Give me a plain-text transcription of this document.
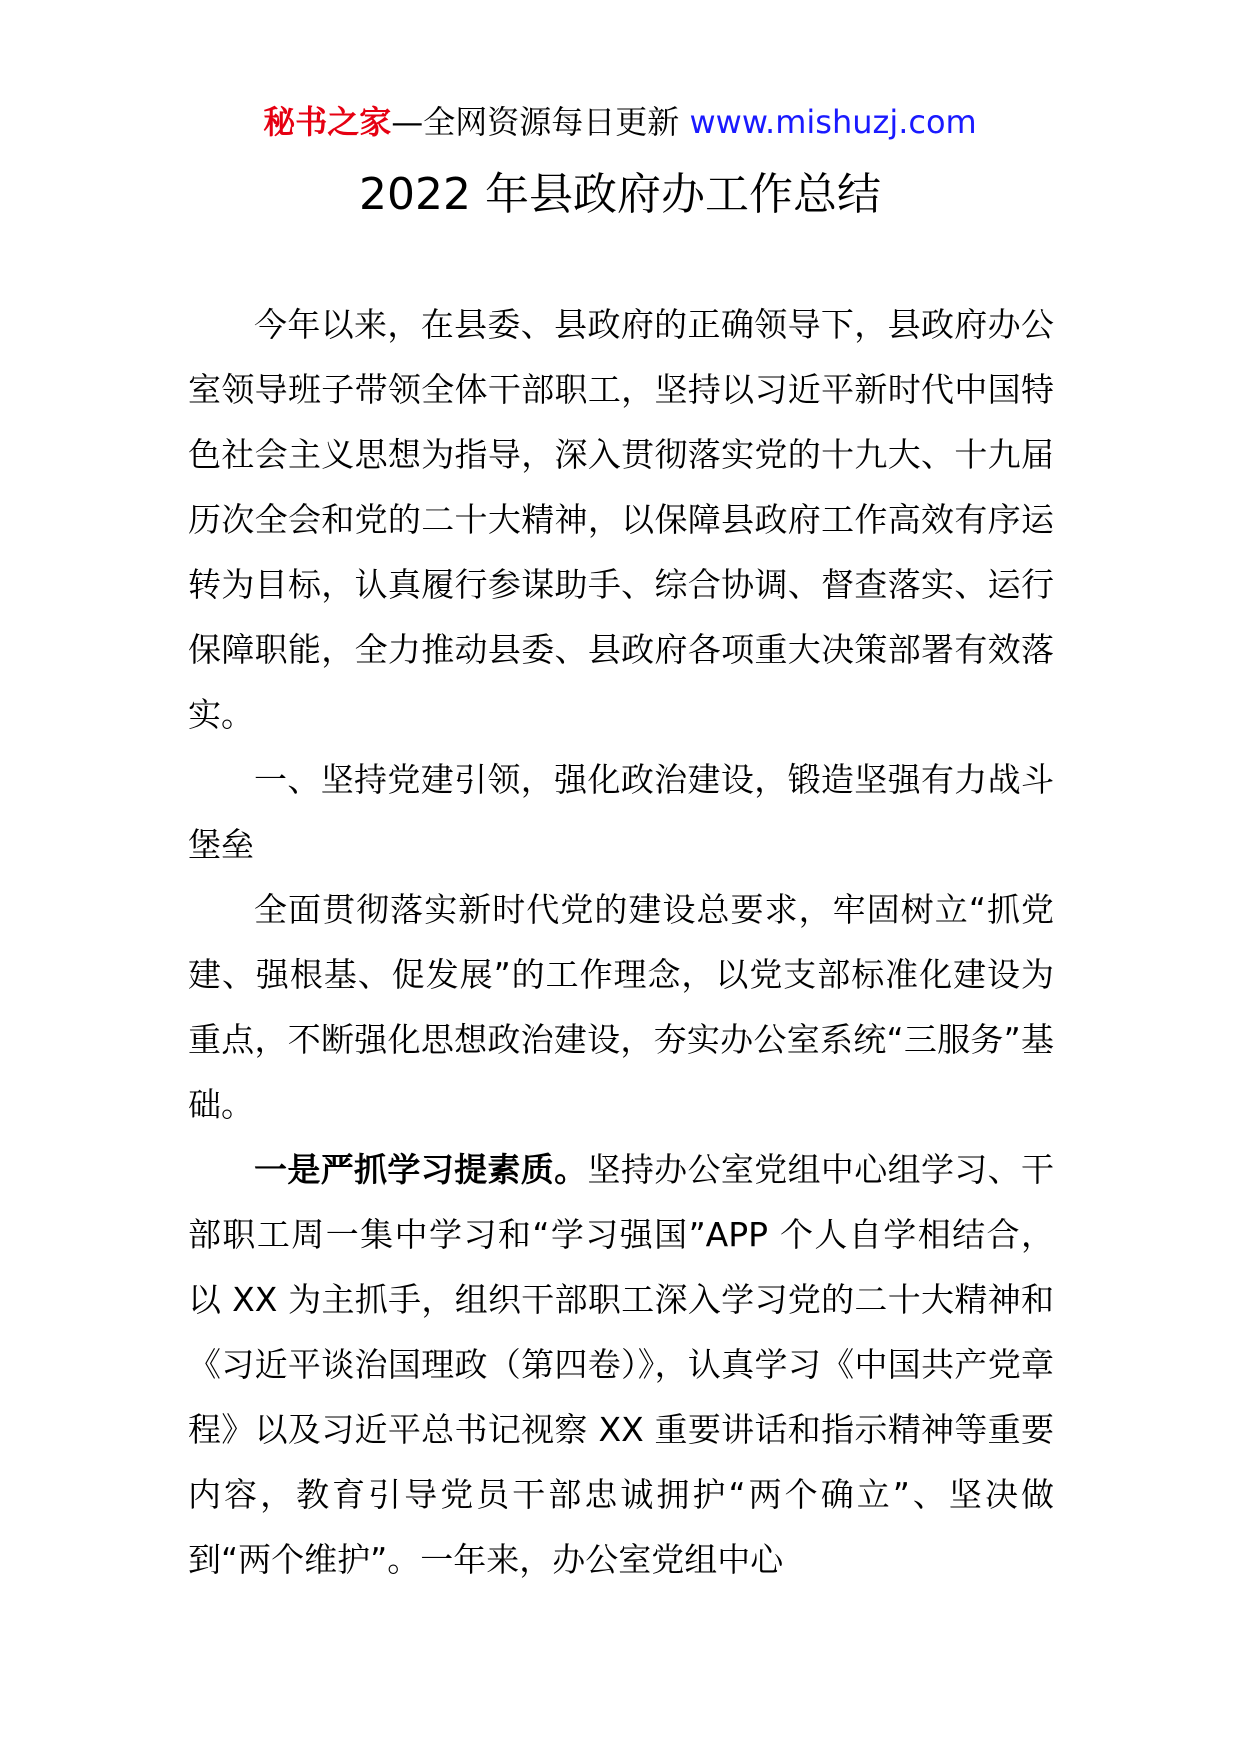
秘书之家—全网资源每日更新 www.mishuzj.com
2022 年县政府办工作总结

今年以来，在县委、县政府的正确领导下，县政府办公室领导班子带领全体干部职工，坚持以习近平新时代中国特色社会主义思想为指导，深入贯彻落实党的十九大、十九届历次全会和党的二十大精神，以保障县政府工作高效有序运转为目标，认真履行参谋助手、综合协调、督查落实、运行保障职能，全力推动县委、县政府各项重大决策部署有效落实。

一、坚持党建引领，强化政治建设，锻造坚强有力战斗堡垒

全面贯彻落实新时代党的建设总要求，牢固树立“抓党建、强根基、促发展”的工作理念，以党支部标准化建设为重点，不断强化思想政治建设，夯实办公室系统“三服务”基础。

一是严抓学习提素质。坚持办公室党组中心组学习、干部职工周一集中学习和“学习强国”APP 个人自学相结合，以 XX 为主抓手，组织干部职工深入学习党的二十大精神和《习近平谈治国理政（第四卷）》，认真学习《中国共产党章程》以及习近平总书记视察 XX 重要讲话和指示精神等重要内容，教育引导党员干部忠诚拥护“两个确立”、坚决做到“两个维护”。一年来，办公室党组中心
